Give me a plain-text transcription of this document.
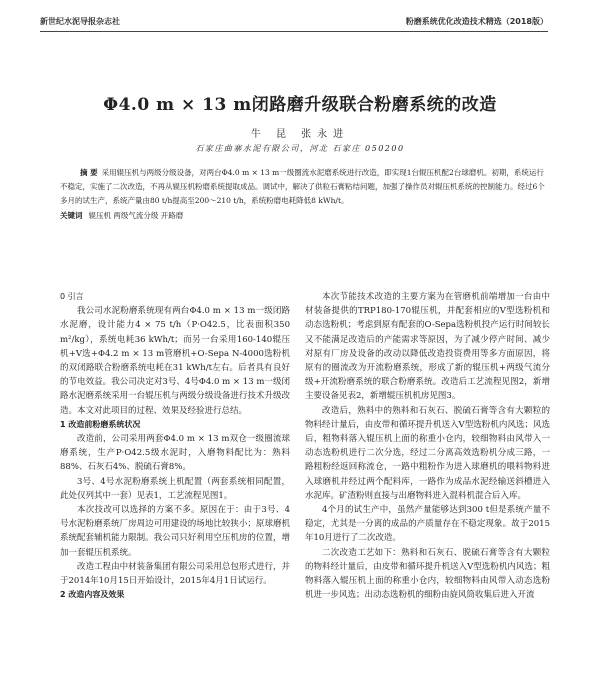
新世纪水泥导报杂志社	粉磨系统优化改造技术精选（2018版）
Φ4.0 m × 13 m闭路磨升级联合粉磨系统的改造
牛 昆 张永进
石家庄曲寨水泥有限公司，河北 石家庄 050200
摘 要 采用辊压机与两级分级设备，对两台Φ4.0 m × 13 m一级圈流水泥磨系统进行改造，即实现1台辊压机配2台球磨机。初期，系统运行不稳定，实施了二次改造，不再从辊压机粉磨系统提取成品。调试中，解决了供粒石膏粘结问题，加强了操作员对辊压机系统的控制能力。经过6个多月的试生产，系统产量由80 t/h提高至200～210 t/h，系统粉磨电耗降低8 kWh/t。
关键词 辊压机 两级气流分级 开路磨

0 引言

我公司水泥粉磨系统现有两台Φ4.0 m × 13 m一级闭路水泥磨，设计能力4 × 75 t/h（P·O42.5，比表面积350 m²/kg），系统电耗36 kWh/t；而另一台采用160-140辊压机+V选+Φ4.2 m × 13 m管磨机+O-Sepa N-4000选粉机的双闭路联合粉磨系统电耗在31 kWh/t左右。后者具有良好的节电效益。我公司决定对3号、4号Φ4.0 m × 13 m一级闭路水泥磨系统采用一台辊压机与两级分级设备进行技术升级改造。本文对此项目的过程、效果及经验进行总结。

1 改造前粉磨系统状况

改造前，公司采用两套Φ4.0 m × 13 m双仓一级圈流球磨系统，生产P·O42.5级水泥时，入磨物料配比为：熟料88%、石灰石4%、脱硫石膏8%。

3号、4号水泥粉磨系统上机配置（两套系统相同配置，此处仅列其中一套）见表1，工艺流程见图1。

本次技改可以选择的方案不多。原因在于：由于3号、4号水泥粉磨系统厂房周边可用建设的场地比较狭小；原球磨机系统配套辅机能力限制。我公司只好利用空压机房的位置，增加一套辊压机系统。

改造工程由中材装备集团有限公司采用总包形式进行，并于2014年10月15日开始设计，2015年4月1日试运行。

2 改造内容及效果

本次节能技术改造的主要方案为在管磨机前端增加一台由中材装备提供的TRP180-170辊压机，并配套相应的V型选粉机和动态选粉机；考虑到原有配套的O-Sepa选粉机投产运行时间较长又不能满足改造后的产能需求等原因，为了减少停产时间、减少对原有厂房及设备的改动以降低改造投资费用等多方面原因，将原有的圈流改为开流粉磨系统，形成了新的辊压机+两级气流分级+开流粉磨系统的联合粉磨系统。改造后工艺流程见图2，新增主要设备见表2，新增辊压机机房见图3。

改造后，熟料中的熟料和石灰石、脱硫石膏等含有大颗粒的物料经计量后，由皮带和循环提升机送入V型选粉机内风选；风选后，粗物料落入辊压机上面的称重小仓内，较细物料由风带入一动态选粉机进行二次分选，经过二分离高效选粉机分成三路，一路粗粉经返回称流仓，一路中粗粉作为进入球磨机的喂料物料进入球磨机并经过两个配料库，一路作为成品水泥经输送斜槽进入水泥库。矿渣粉则直接与出磨物料进入混料机混合后入库。

4个月的试生产中，虽然产量能够达到300 t但是系统产量不稳定，尤其是一分离的成品的产质量存在不稳定现象。故于2015年10月进行了二次改造。

二次改造工艺如下：熟料和石灰石、脱硫石膏等含有大颗粒的物料经计量后，由皮带和循环提升机送入V型选粉机内风选；粗物料落入辊压机上面的称重小仓内，较细物料由风带入动态选粉机进一步风选；出动态选粉机的细粉由旋风筒收集后进入开流
